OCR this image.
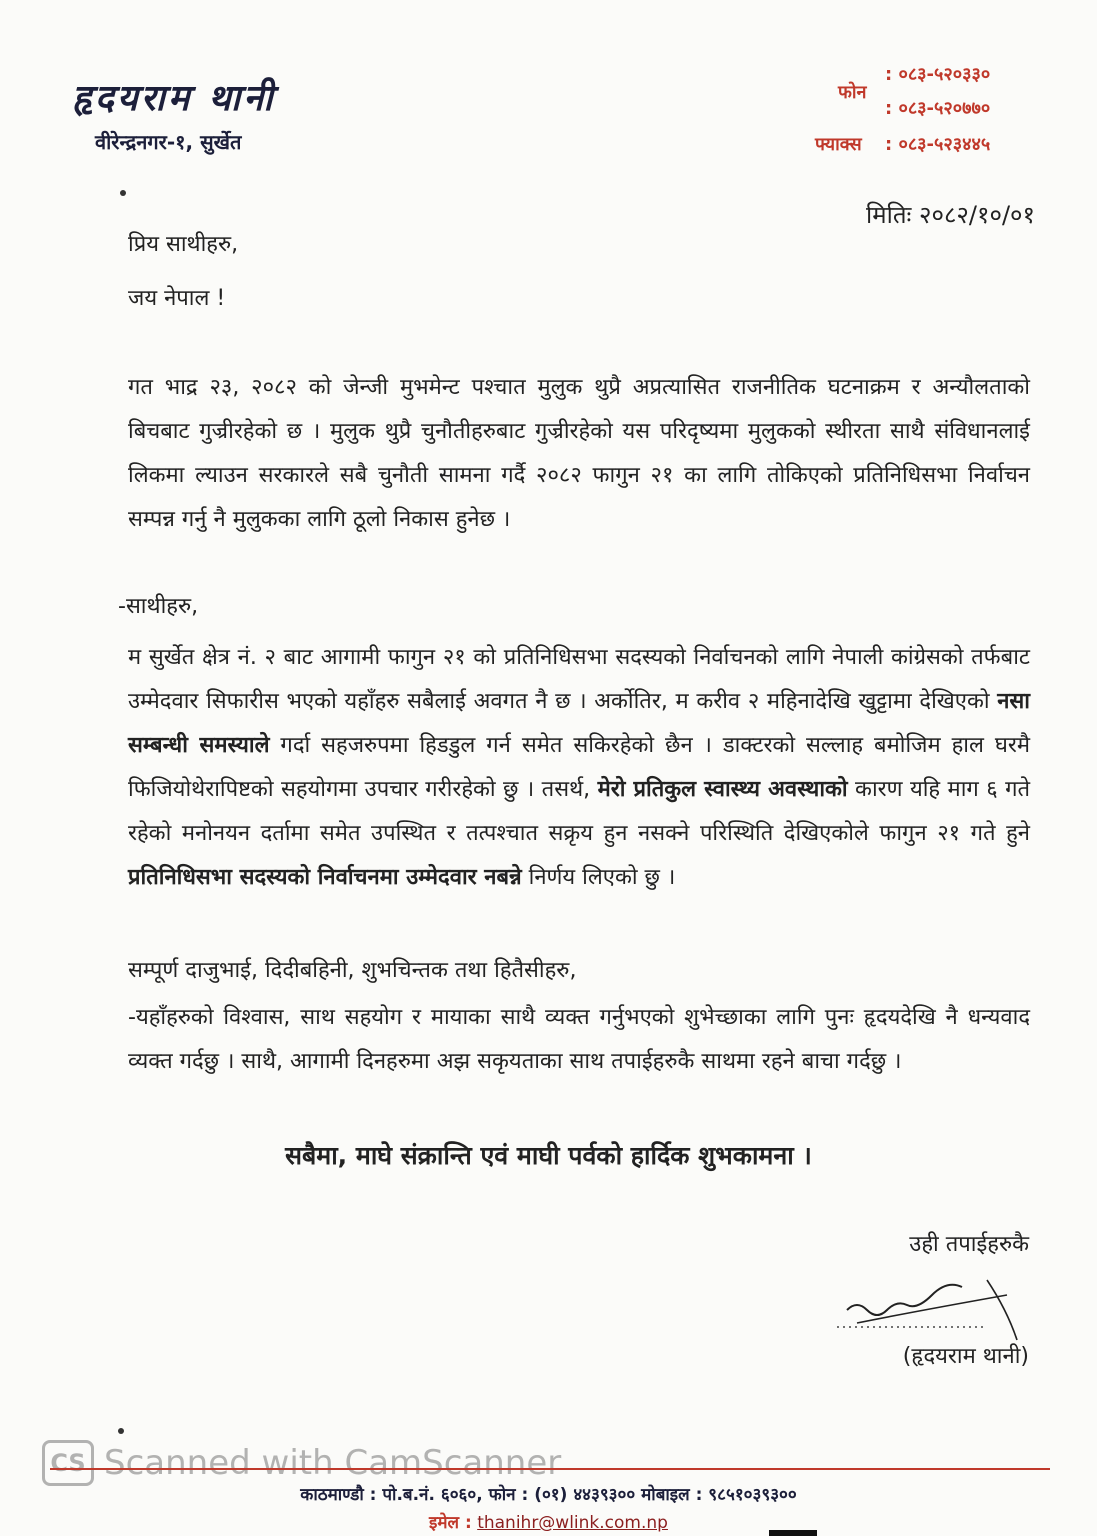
हृदयराम थानी
वीरेन्द्रनगर-१, सुर्खेत
फोन
: ०८३-५२०३३०
: ०८३-५२०७७०
फ्याक्स : ०८३-५२३४४५
मितिः २०८२/१०/०१
प्रिय साथीहरु,
जय नेपाल !
गत भाद्र २३, २०८२ को जेन्जी मुभमेन्ट पश्चात मुलुक थुप्रै अप्रत्यासित राजनीतिक घटनाक्रम र अन्यौलताको बिचबाट गुज्रीरहेको छ । मुलुक थुप्रै चुनौतीहरुबाट गुज्रीरहेको यस परिदृष्यमा मुलुकको स्थीरता साथै संविधानलाई लिकमा ल्याउन सरकारले सबै चुनौती सामना गर्दै २०८२ फागुन २१ का लागि तोकिएको प्रतिनिधिसभा निर्वाचन सम्पन्न गर्नु नै मुलुकका लागि ठूलो निकास हुनेछ ।
-साथीहरु,
म सुर्खेत क्षेत्र नं. २ बाट आगामी फागुन २१ को प्रतिनिधिसभा सदस्यको निर्वाचनको लागि नेपाली कांग्रेसको तर्फबाट उम्मेदवार सिफारीस भएको यहाँहरु सबैलाई अवगत नै छ । अर्कोतिर, म करीव २ महिनादेखि खुट्टामा देखिएको नसा सम्बन्धी समस्याले गर्दा सहजरुपमा हिडडुल गर्न समेत सकिरहेको छैन । डाक्टरको सल्लाह बमोजिम हाल घरमै फिजियोथेरापिष्टको सहयोगमा उपचार गरीरहेको छु । तसर्थ, मेरो प्रतिकुल स्वास्थ्य अवस्थाको कारण यहि माग ६ गते रहेको मनोनयन दर्तामा समेत उपस्थित र तत्पश्चात सक्रृय हुन नसक्ने परिस्थिति देखिएकोले फागुन २१ गते हुने प्रतिनिधिसभा सदस्यको निर्वाचनमा उम्मेदवार नबन्ने निर्णय लिएको छु ।
सम्पूर्ण दाजुभाई, दिदीबहिनी, शुभचिन्तक तथा हितैसीहरु,
-यहाँहरुको विश्वास, साथ सहयोग र मायाका साथै व्यक्त गर्नुभएको शुभेच्छाका लागि पुनः हृदयदेखि नै धन्यवाद व्यक्त गर्दछु । साथै, आगामी दिनहरुमा अझ सकृयताका साथ तपाईहरुकै साथमा रहने बाचा गर्दछु ।
सबैमा, माघे संक्रान्ति एवं माघी पर्वको हार्दिक शुभकामना ।
उही तपाईहरुकै
(हृदयराम थानी)
CS Scanned with CamScanner
काठमाण्डौ : पो.ब.नं. ६०६०, फोन : (०१) ४४३९३०० मोबाइल : ९८५१०३९३००
इमेल : thanihr@wlink.com.np
